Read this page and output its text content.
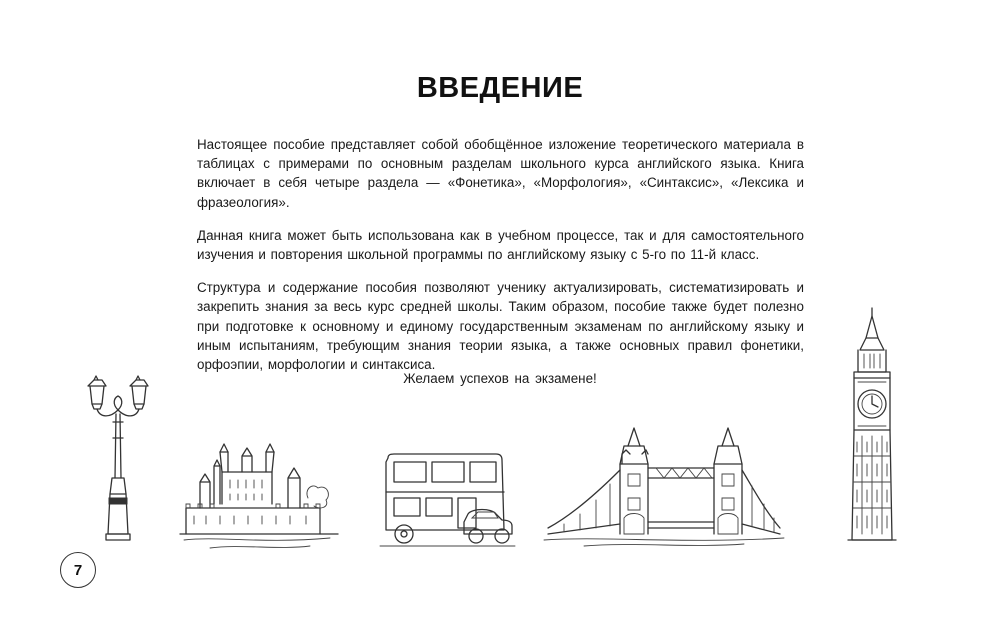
ВВЕДЕНИЕ

Настоящее пособие представляет собой обобщённое изложение теоретического материала в таблицах с примерами по основным разделам школьного курса английского языка. Книга включает в себя четыре раздела — «Фонетика», «Морфология», «Синтаксис», «Лексика и фразеология».

Данная книга может быть использована как в учебном процессе, так и для самостоятельного изучения и повторения школьной программы по английскому языку с 5-го по 11-й класс.

Структура и содержание пособия позволяют ученику актуализировать, систематизировать и закрепить знания за весь курс средней школы. Таким образом, пособие также будет полезно при подготовке к основному и единому государственным экзаменам по английскому языку и иным испытаниям, требующим знания теории языка, а также основных правил фонетики, орфоэпии, морфологии и синтаксиса.

Желаем успехов на экзамене!
7
